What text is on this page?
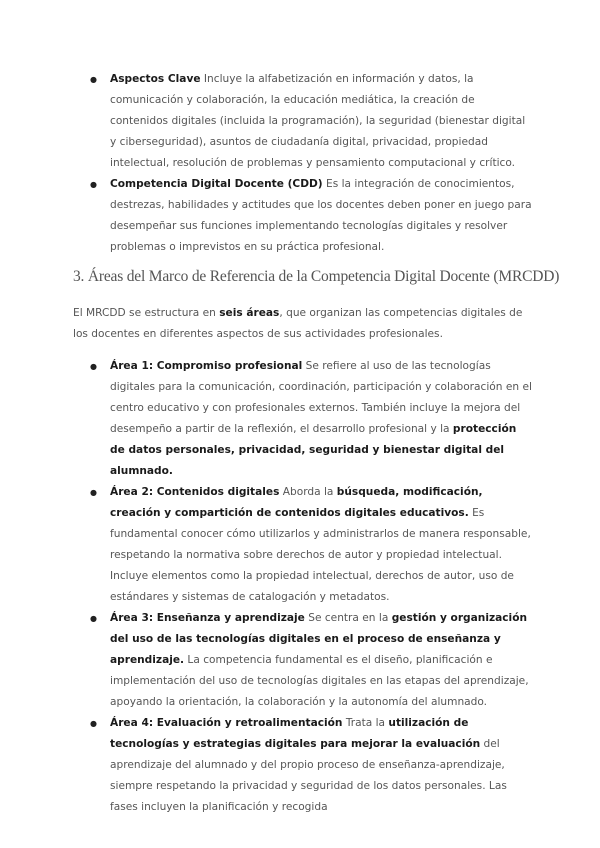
● Aspectos Clave Incluye la alfabetización en información y datos, la comunicación y colaboración, la educación mediática, la creación de contenidos digitales (incluida la programación), la seguridad (bienestar digital y ciberseguridad), asuntos de ciudadanía digital, privacidad, propiedad intelectual, resolución de problemas y pensamiento computacional y crítico.
● Competencia Digital Docente (CDD) Es la integración de conocimientos, destrezas, habilidades y actitudes que los docentes deben poner en juego para desempeñar sus funciones implementando tecnologías digitales y resolver problemas o imprevistos en su práctica profesional.
3. Áreas del Marco de Referencia de la Competencia Digital Docente (MRCDD)

El MRCDD se estructura en seis áreas, que organizan las competencias digitales de los docentes en diferentes aspectos de sus actividades profesionales.

● Área 1: Compromiso profesional Se refiere al uso de las tecnologías digitales para la comunicación, coordinación, participación y colaboración en el centro educativo y con profesionales externos. También incluye la mejora del desempeño a partir de la reflexión, el desarrollo profesional y la protección de datos personales, privacidad, seguridad y bienestar digital del alumnado.
● Área 2: Contenidos digitales Aborda la búsqueda, modificación, creación y compartición de contenidos digitales educativos. Es fundamental conocer cómo utilizarlos y administrarlos de manera responsable, respetando la normativa sobre derechos de autor y propiedad intelectual. Incluye elementos como la propiedad intelectual, derechos de autor, uso de estándares y sistemas de catalogación y metadatos.
● Área 3: Enseñanza y aprendizaje Se centra en la gestión y organización del uso de las tecnologías digitales en el proceso de enseñanza y aprendizaje. La competencia fundamental es el diseño, planificación e implementación del uso de tecnologías digitales en las etapas del aprendizaje, apoyando la orientación, la colaboración y la autonomía del alumnado.
● Área 4: Evaluación y retroalimentación Trata la utilización de tecnologías y estrategias digitales para mejorar la evaluación del aprendizaje del alumnado y del propio proceso de enseñanza-aprendizaje, siempre respetando la privacidad y seguridad de los datos personales. Las fases incluyen la planificación y recogida
